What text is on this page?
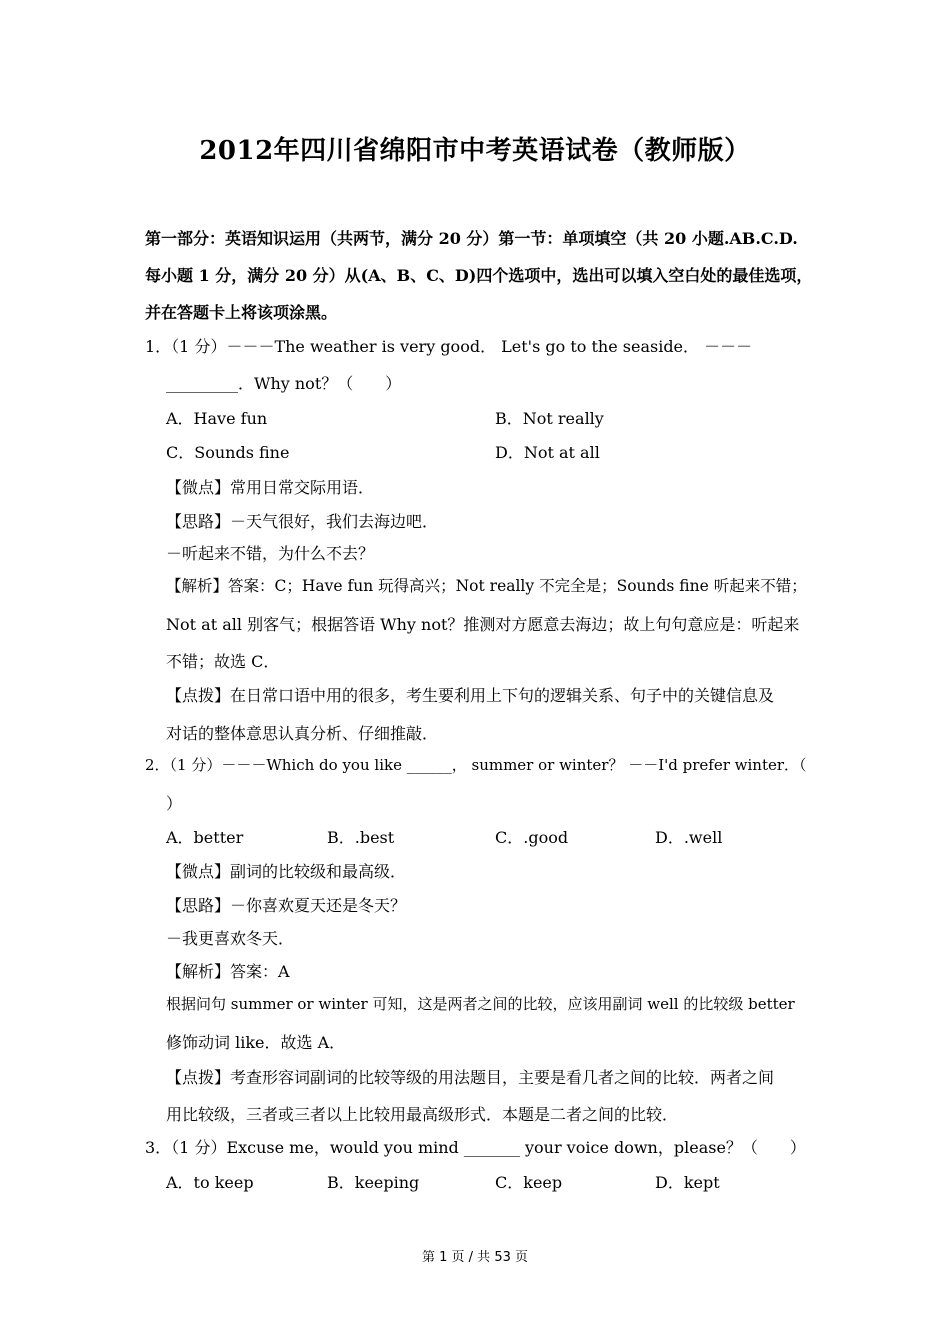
2012年四川省绵阳市中考英语试卷（教师版）
第一部分：英语知识运用（共两节，满分 20 分）第一节：单项填空（共 20 小题.AB.C.D.
每小题 1 分，满分 20 分）从(A、B、C、D)四个选项中，选出可以填入空白处的最佳选项，
并在答题卡上将该项涂黑。
1．（1 分）－－－The weather is very good． Let's go to the seaside． －－－
_________．Why not？（　　）
A．Have fun	B．Not really
C．Sounds fine	D．Not at all
【微点】常用日常交际用语．
【思路】－天气很好，我们去海边吧．
－听起来不错，为什么不去？
【解析】答案：C；Have fun 玩得高兴；Not really 不完全是；Sounds fine 听起来不错；
Not at all 别客气；根据答语 Why not？推测对方愿意去海边；故上句句意应是：听起来
不错；故选 C．
【点拨】在日常口语中用的很多，考生要利用上下句的逻辑关系、句子中的关键信息及
对话的整体意思认真分析、仔细推敲．
2．（1 分）－－－Which do you like ______， summer or winter？ －－I'd prefer winter．（
）
A．better	B．.best	C．.good	D．.well
【微点】副词的比较级和最高级．
【思路】－你喜欢夏天还是冬天？
－我更喜欢冬天．
【解析】答案：A
根据问句 summer or winter 可知，这是两者之间的比较，应该用副词 well 的比较级 better
修饰动词 like．故选 A．
【点拨】考查形容词副词的比较等级的用法题目，主要是看几者之间的比较．两者之间
用比较级，三者或三者以上比较用最高级形式．本题是二者之间的比较．
3．（1 分）Excuse me，would you mind _______ your voice down，please？（　　）
A．to keep	B．keeping	C．keep	D．kept
第 1 页 / 共 53 页
